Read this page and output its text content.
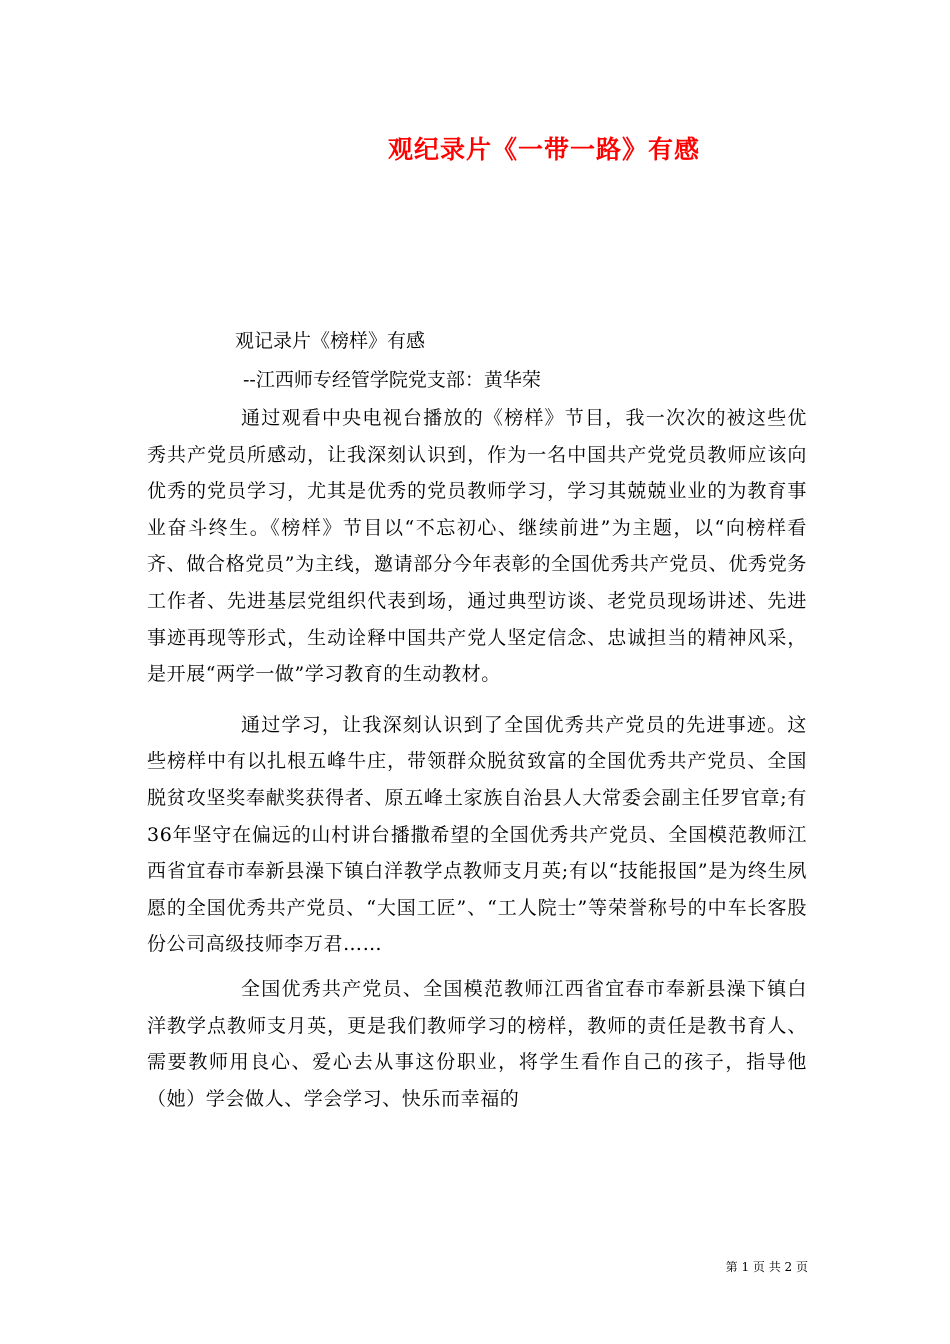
观纪录片《一带一路》有感
观记录片《榜样》有感
--江西师专经管学院党支部：黄华荣

通过观看中央电视台播放的《榜样》节目，我一次次的被这些优秀共产党员所感动，让我深刻认识到，作为一名中国共产党党员教师应该向优秀的党员学习，尤其是优秀的党员教师学习，学习其兢兢业业的为教育事业奋斗终生。《榜样》节目以“不忘初心、继续前进”为主题，以“向榜样看齐、做合格党员”为主线，邀请部分今年表彰的全国优秀共产党员、优秀党务工作者、先进基层党组织代表到场，通过典型访谈、老党员现场讲述、先进事迹再现等形式，生动诠释中国共产党人坚定信念、忠诚担当的精神风采，是开展“两学一做”学习教育的生动教材。

通过学习，让我深刻认识到了全国优秀共产党员的先进事迹。这些榜样中有以扎根五峰牛庄，带领群众脱贫致富的全国优秀共产党员、全国脱贫攻坚奖奉献奖获得者、原五峰土家族自治县人大常委会副主任罗官章;有36年坚守在偏远的山村讲台播撒希望的全国优秀共产党员、全国模范教师江西省宜春市奉新县澡下镇白洋教学点教师支月英;有以“技能报国”是为终生夙愿的全国优秀共产党员、“大国工匠”、“工人院士”等荣誉称号的中车长客股份公司高级技师李万君……

全国优秀共产党员、全国模范教师江西省宜春市奉新县澡下镇白洋教学点教师支月英，更是我们教师学习的榜样，教师的责任是教书育人、需要教师用良心、爱心去从事这份职业，将学生看作自己的孩子，指导他（她）学会做人、学会学习、快乐而幸福的

第 1 页 共 2 页
